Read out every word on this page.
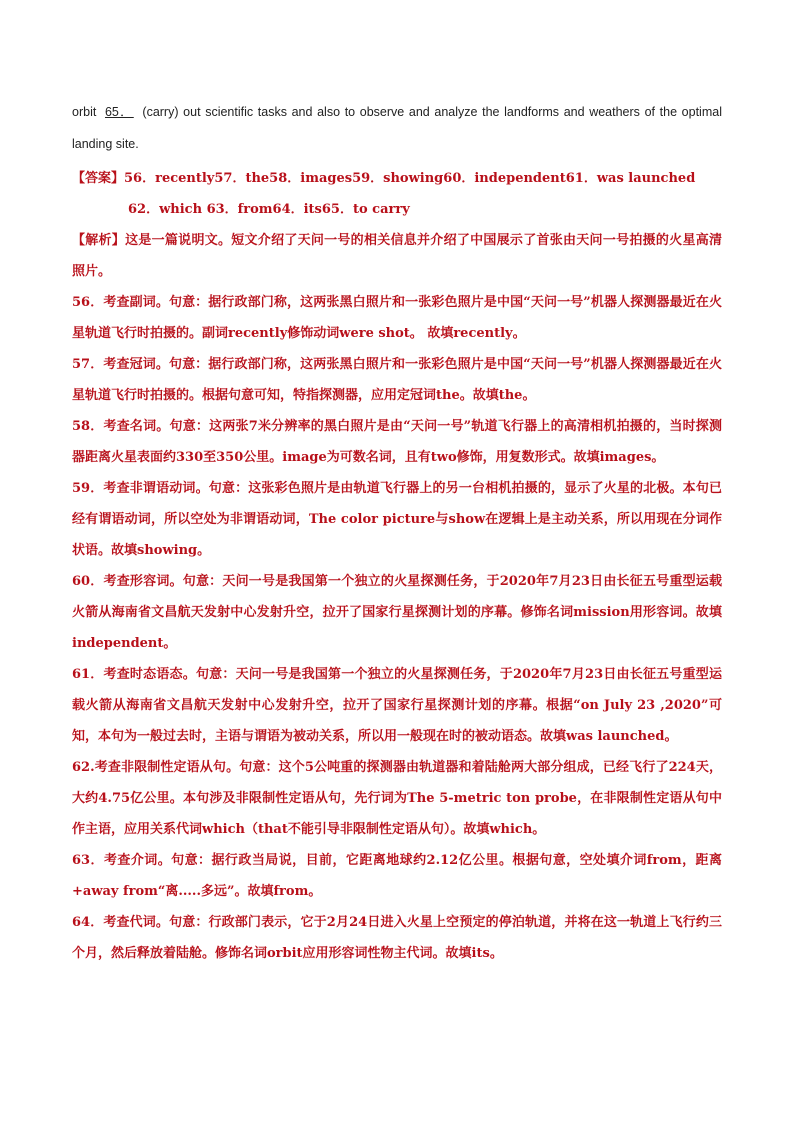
orbit 65． (carry) out scientific tasks and also to observe and analyze the landforms and weathers of the optimal landing site.
【答案】56．recently57．the58．images59．showing60．independent61．was launched
62．which 63．from64．its65．to carry
【解析】这是一篇说明文。短文介绍了天问一号的相关信息并介绍了中国展示了首张由天问一号拍摄的火星高清照片。
56．考查副词。句意：据行政部门称，这两张黑白照片和一张彩色照片是中国“天问一号”机器人探测器最近在火星轨道飞行时拍摄的。副词recently修饰动词were shot。 故填recently。
57．考查冠词。句意：据行政部门称，这两张黑白照片和一张彩色照片是中国“天问一号”机器人探测器最近在火星轨道飞行时拍摄的。根据句意可知，特指探测器，应用定冠词the。故填the。
58．考查名词。句意：这两张7米分辨率的黑白照片是由“天问一号”轨道飞行器上的高清相机拍摄的，当时探测器距离火星表面约330至350公里。image为可数名词，且有two修饰，用复数形式。故填images。
59．考查非谓语动词。句意：这张彩色照片是由轨道飞行器上的另一台相机拍摄的，显示了火星的北极。本句已经有谓语动词，所以空处为非谓语动词，The color picture与show在逻辑上是主动关系，所以用现在分词作状语。故填showing。
60．考查形容词。句意：天问一号是我国第一个独立的火星探测任务，于2020年7月23日由长征五号重型运载火箭从海南省文昌航天发射中心发射升空，拉开了国家行星探测计划的序幕。修饰名词mission用形容词。故填independent。
61．考查时态语态。句意：天问一号是我国第一个独立的火星探测任务，于2020年7月23日由长征五号重型运载火箭从海南省文昌航天发射中心发射升空，拉开了国家行星探测计划的序幕。根据“on July 23 ,2020”可知，本句为一般过去时，主语与谓语为被动关系，所以用一般现在时的被动语态。故填was launched。
62.考查非限制性定语从句。句意：这个5公吨重的探测器由轨道器和着陆舱两大部分组成，已经飞行了224天，大约4.75亿公里。本句涉及非限制性定语从句，先行词为The 5-metric ton probe，在非限制性定语从句中作主语，应用关系代词which（that不能引导非限制性定语从句）。故填which。
63．考查介词。句意：据行政当局说，目前，它距离地球约2.12亿公里。根据句意，空处填介词from，距离+away from“离.....多远”。故填from。
64．考查代词。句意：行政部门表示，它于2月24日进入火星上空预定的停泊轨道，并将在这一轨道上飞行约三个月，然后释放着陆舱。修饰名词orbit应用形容词性物主代词。故填its。
